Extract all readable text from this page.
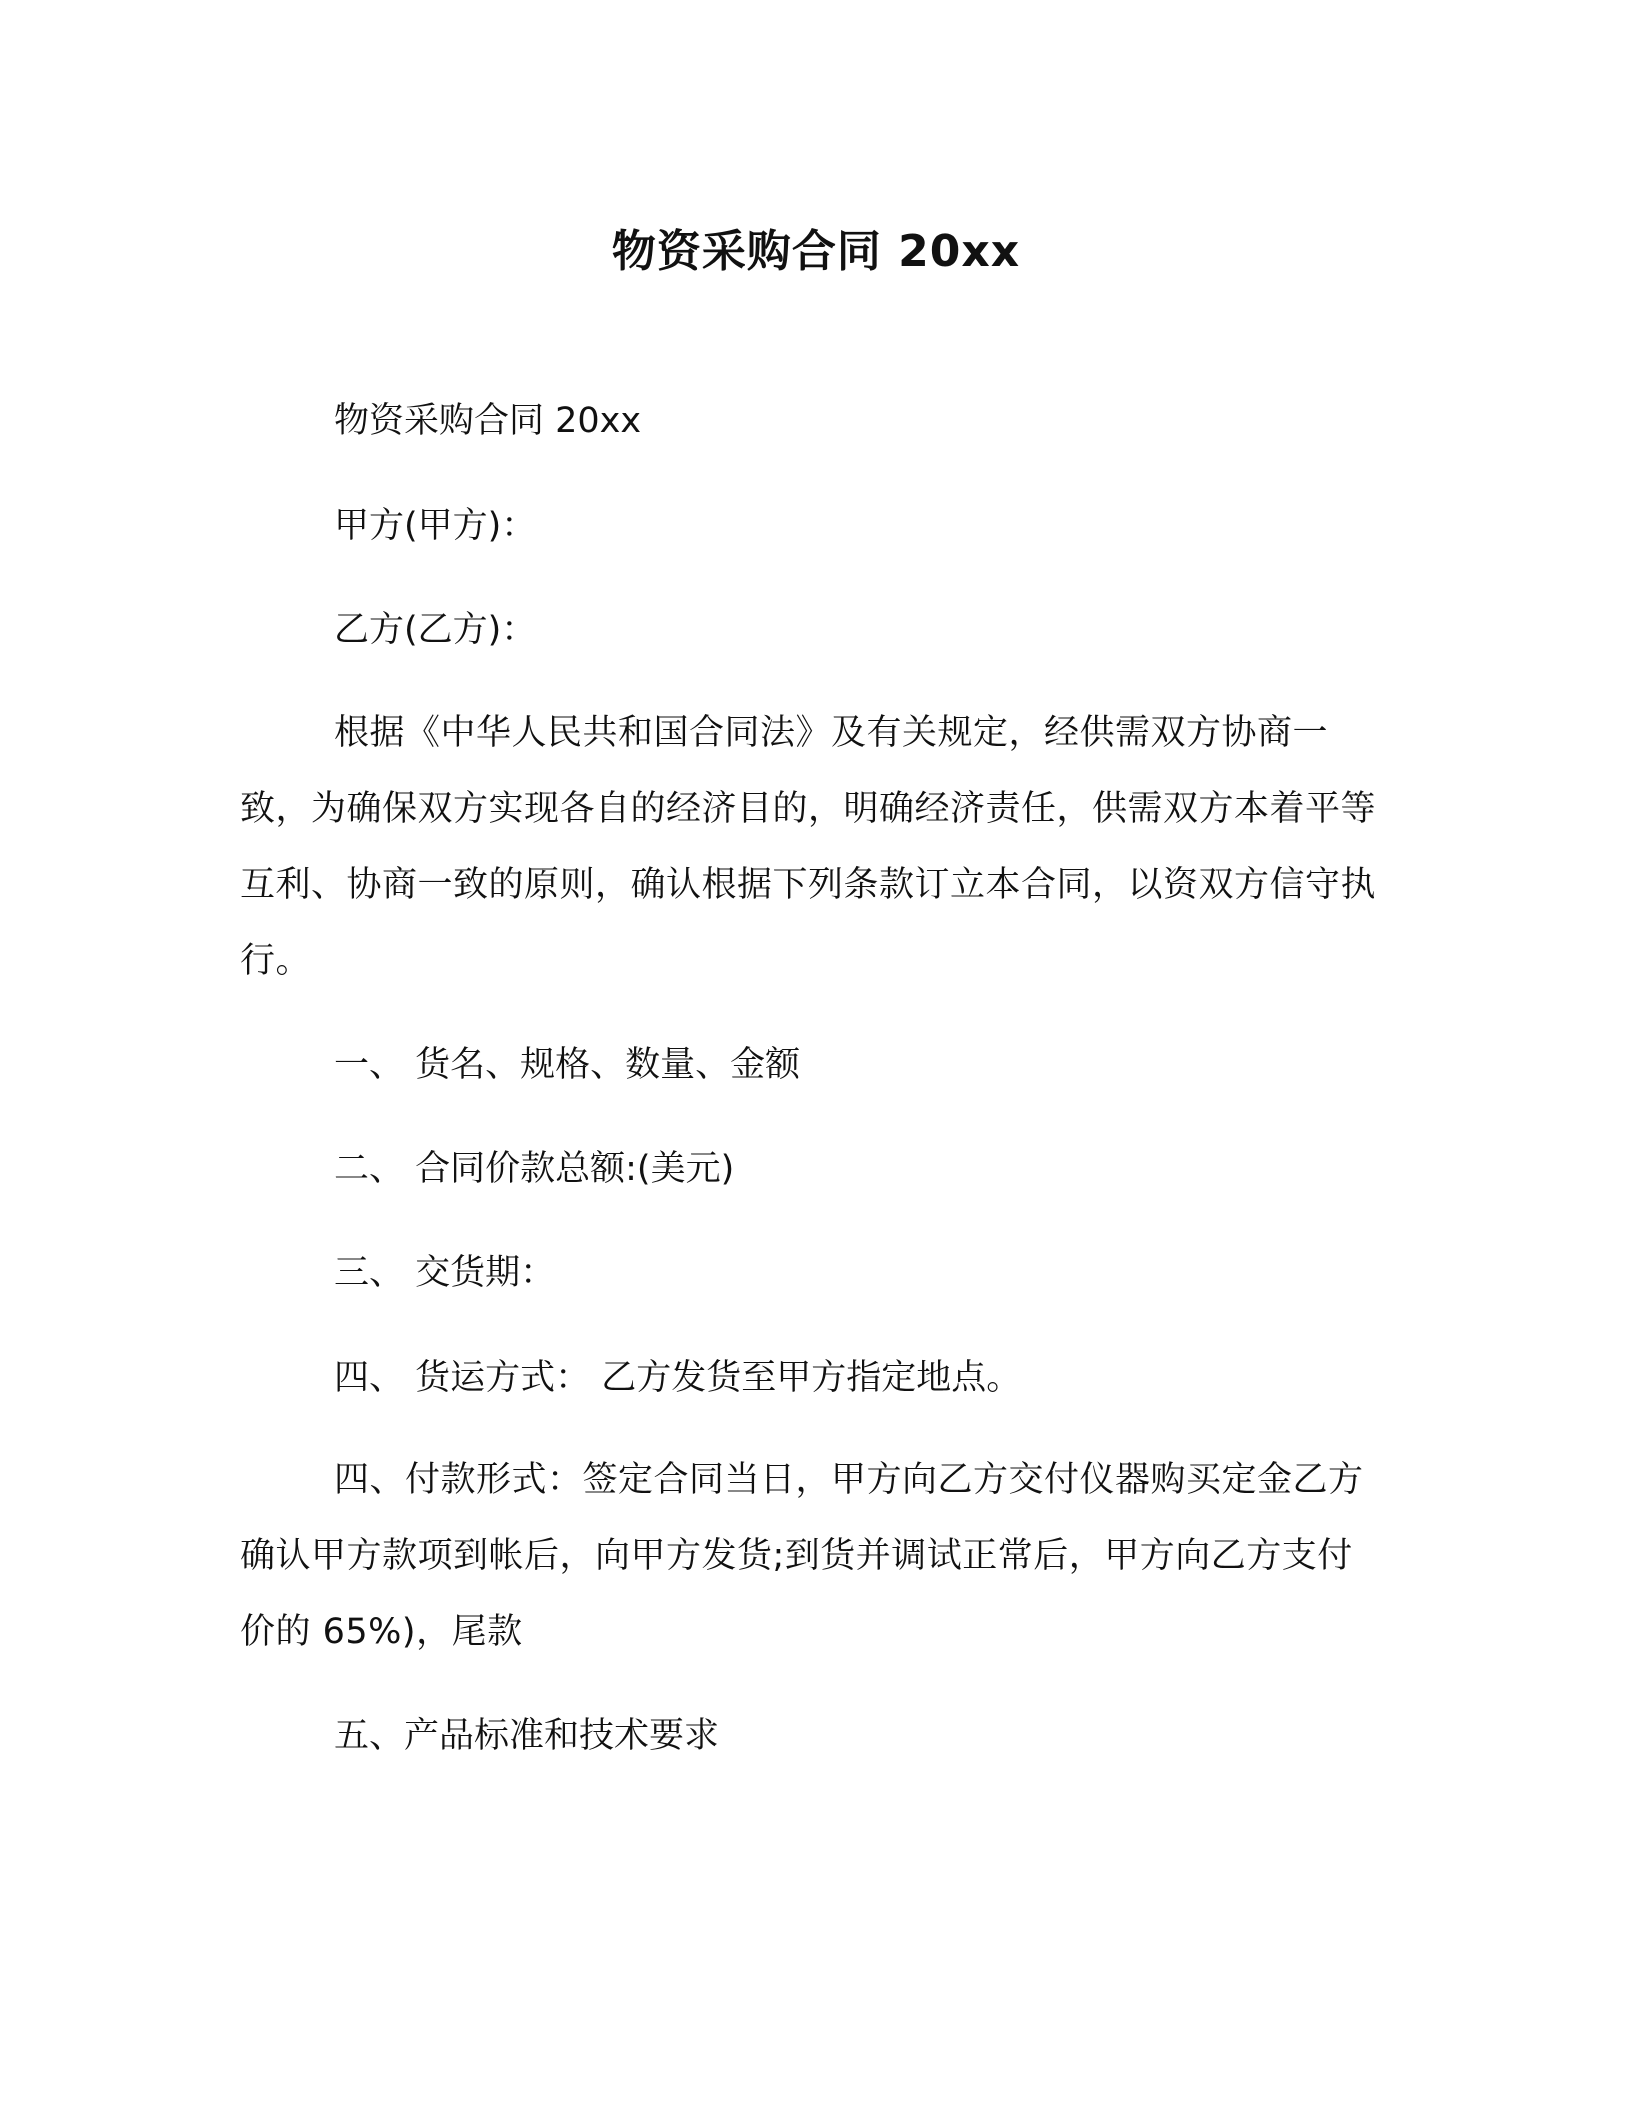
物资采购合同 20xx
物资采购合同 20xx
甲方(甲方)：
乙方(乙方)：

根据《中华人民共和国合同法》及有关规定，经供需双方协商一致，为确保双方实现各自的经济目的，明确经济责任，供需双方本着平等互利、协商一致的原则，确认根据下列条款订立本合同，以资双方信守执行。

一、 货名、规格、数量、金额
二、 合同价款总额:(美元)
三、 交货期：
四、 货运方式： 乙方发货至甲方指定地点。

四、付款形式：签定合同当日，甲方向乙方交付仪器购买定金乙方确认甲方款项到帐后，向甲方发货;到货并调试正常后，甲方向乙方支付价的 65%)，尾款

五、产品标准和技术要求
